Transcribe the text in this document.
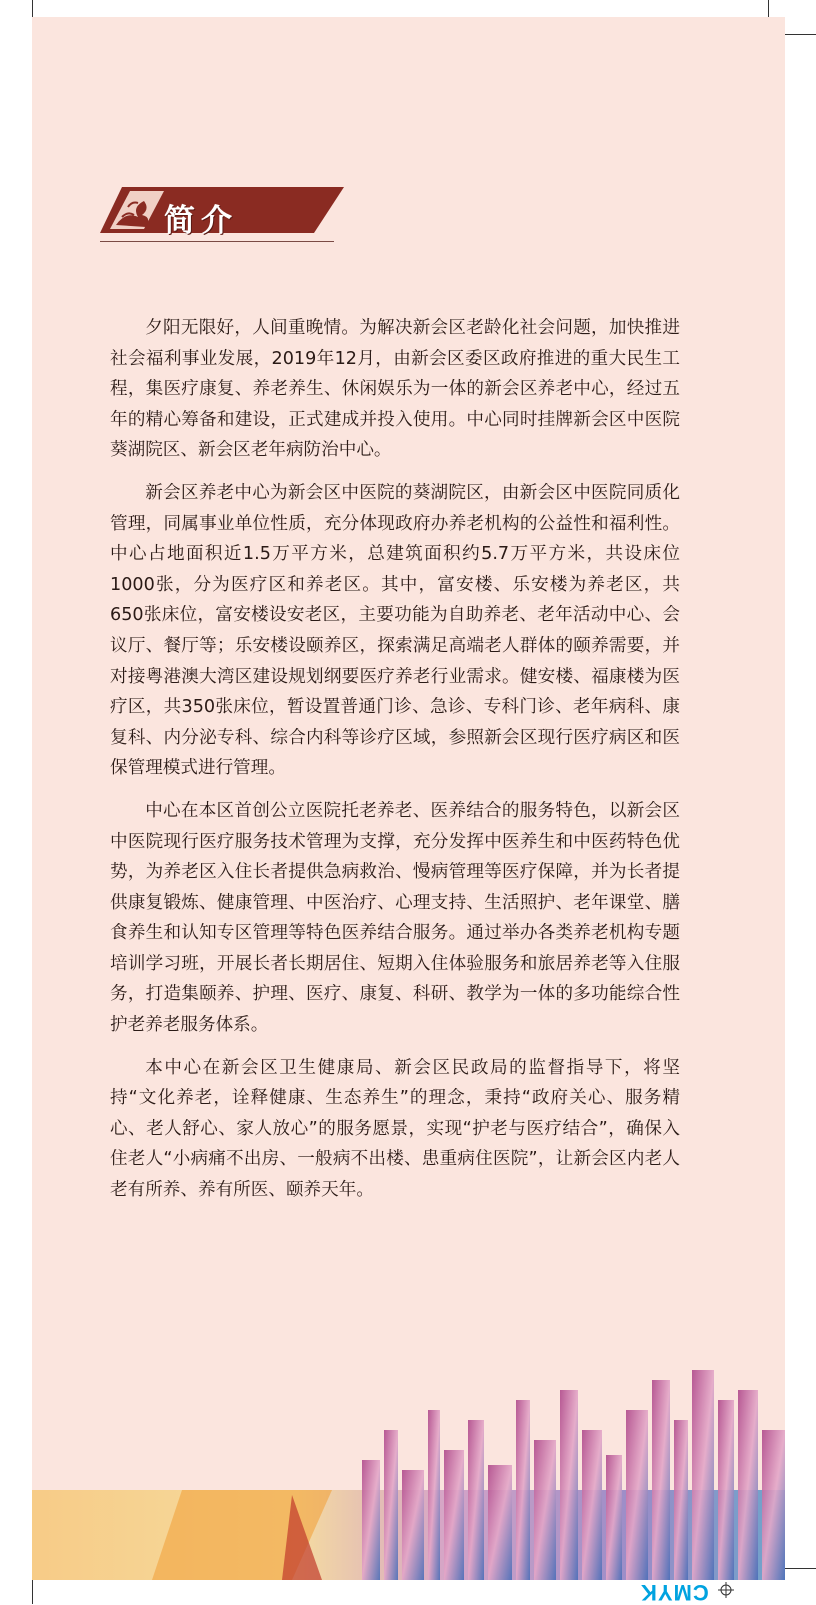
简介

夕阳无限好，人间重晚情。为解决新会区老龄化社会问题，加快推进社会福利事业发展，2019年12月，由新会区委区政府推进的重大民生工程，集医疗康复、养老养生、休闲娱乐为一体的新会区养老中心，经过五年的精心筹备和建设，正式建成并投入使用。中心同时挂牌新会区中医院葵湖院区、新会区老年病防治中心。

新会区养老中心为新会区中医院的葵湖院区，由新会区中医院同质化管理，同属事业单位性质，充分体现政府办养老机构的公益性和福利性。中心占地面积近1.5万平方米，总建筑面积约5.7万平方米，共设床位1000张，分为医疗区和养老区。其中，富安楼、乐安楼为养老区，共650张床位，富安楼设安老区，主要功能为自助养老、老年活动中心、会议厅、餐厅等；乐安楼设颐养区，探索满足高端老人群体的颐养需要，并对接粤港澳大湾区建设规划纲要医疗养老行业需求。健安楼、福康楼为医疗区，共350张床位，暂设置普通门诊、急诊、专科门诊、老年病科、康复科、内分泌专科、综合内科等诊疗区域，参照新会区现行医疗病区和医保管理模式进行管理。

中心在本区首创公立医院托老养老、医养结合的服务特色，以新会区中医院现行医疗服务技术管理为支撑，充分发挥中医养生和中医药特色优势，为养老区入住长者提供急病救治、慢病管理等医疗保障，并为长者提供康复锻炼、健康管理、中医治疗、心理支持、生活照护、老年课堂、膳食养生和认知专区管理等特色医养结合服务。通过举办各类养老机构专题培训学习班，开展长者长期居住、短期入住体验服务和旅居养老等入住服务，打造集颐养、护理、医疗、康复、科研、教学为一体的多功能综合性护老养老服务体系。

本中心在新会区卫生健康局、新会区民政局的监督指导下，将坚持“文化养老，诠释健康、生态养生”的理念，秉持“政府关心、服务精心、老人舒心、家人放心”的服务愿景，实现“护老与医疗结合”，确保入住老人“小病痛不出房、一般病不出楼、患重病住医院”，让新会区内老人老有所养、养有所医、颐养天年。

CMYK
